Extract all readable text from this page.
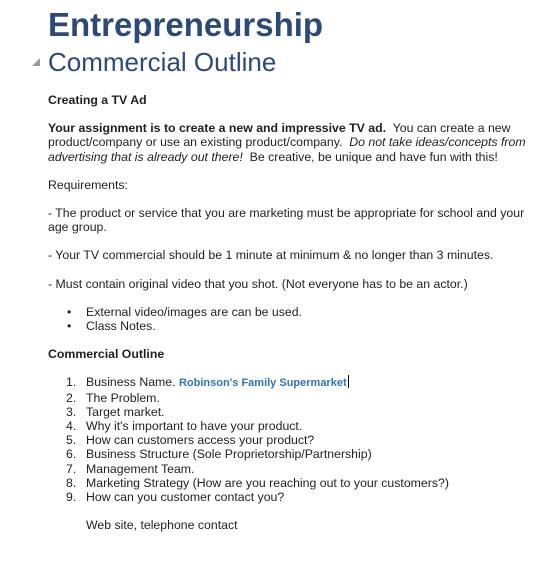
Entrepreneurship
Commercial Outline

Creating a TV Ad

Your assignment is to create a new and impressive TV ad. You can create a new product/company or use an existing product/company. Do not take ideas/concepts from advertising that is already out there! Be creative, be unique and have fun with this!

Requirements:

- The product or service that you are marketing must be appropriate for school and your age group.

- Your TV commercial should be 1 minute at minimum & no longer than 3 minutes.

- Must contain original video that you shot. (Not everyone has to be an actor.)

• External video/images are can be used.
• Class Notes.

Commercial Outline

1. Business Name. Robinson's Family Supermarket
2. The Problem.
3. Target market.
4. Why it's important to have your product.
5. How can customers access your product?
6. Business Structure (Sole Proprietorship/Partnership)
7. Management Team.
8. Marketing Strategy (How are you reaching out to your customers?)
9. How can you customer contact you?
Web site, telephone contact
